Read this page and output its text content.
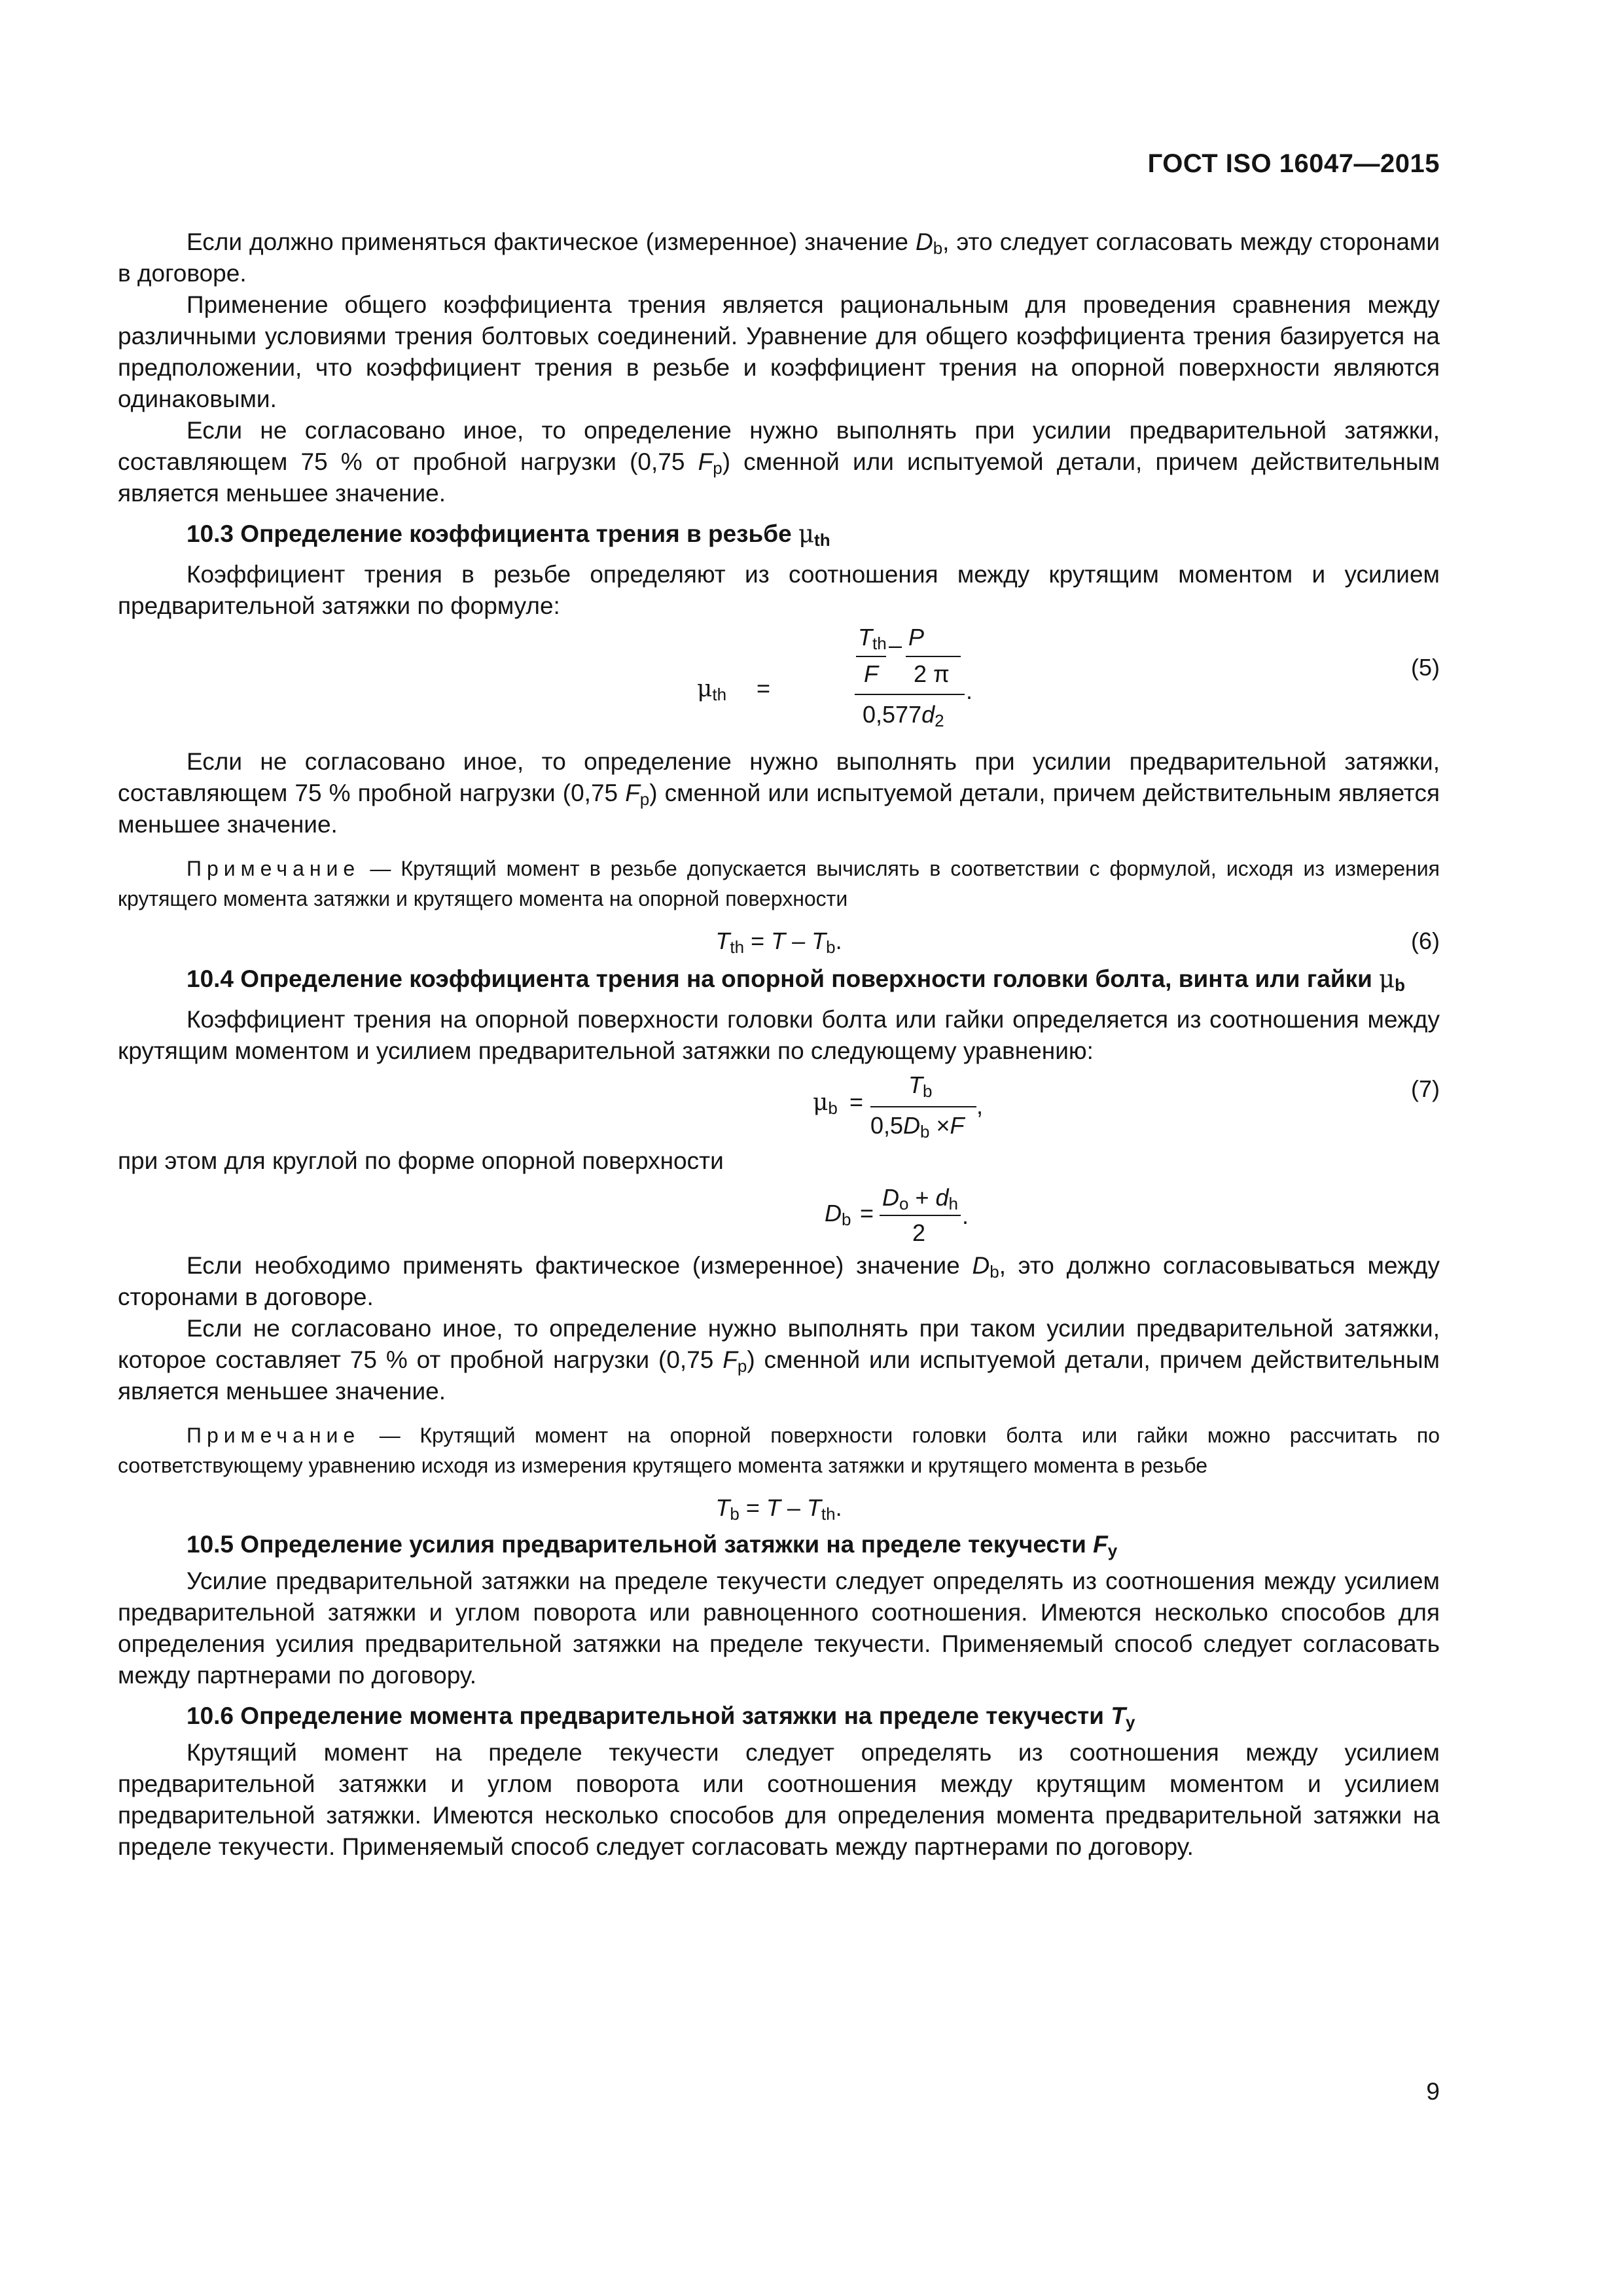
ГОСТ ISO 16047—2015

Если должно применяться фактическое (измеренное) значение $D_b$, это следует согласовать между сторонами в договоре.

Применение общего коэффициента трения является рациональным для проведения сравнения между различными условиями трения болтовых соединений. Уравнение для общего коэффициента трения базируется на предположении, что коэффициент трения в резьбе и коэффициент трения на опорной поверхности являются одинаковыми.

Если не согласовано иное, то определение нужно выполнять при усилии предварительной затяжки, составляющем 75 % от пробной нагрузки (0,75 $F_p$) сменной или испытуемой детали, причем действительным является меньшее значение.

10.3 Определение коэффициента трения в резьбе $\mu_{th}$

Коэффициент трения в резьбе определяют из соотношения между крутящим моментом и усилием предварительной затяжки по формуле:

Tth – P
F 2 π
μth =	.
0,577d2
(5)

Если не согласовано иное, то определение нужно выполнять при усилии предварительной затяжки, составляющем 75 % пробной нагрузки (0,75 $F_p$) сменной или испытуемой детали, причем действительным является меньшее значение.

Примечание — Крутящий момент в резьбе допускается вычислять в соответствии с формулой, исходя из измерения крутящего момента затяжки и крутящего момента на опорной поверхности
Tth = T – Tb.	(6)
10.4 Определение коэффициента трения на опорной поверхности головки болта, винта или гайки $\mu_b$

Коэффициент трения на опорной поверхности головки болта или гайки определяется из соотношения между крутящим моментом и усилием предварительной затяжки по следующему уравнению:

Tb
μb =
0,5Db ×F
,
(7)

при этом для круглой по форме опорной поверхности

Do + dh
Db =	.
2

Если необходимо применять фактическое (измеренное) значение $D_b$, это должно согласовываться между сторонами в договоре.

Если не согласовано иное, то определение нужно выполнять при таком усилии предварительной затяжки, которое составляет 75 % от пробной нагрузки (0,75 $F_p$) сменной или испытуемой детали, причем действительным является меньшее значение.

Примечание — Крутящий момент на опорной поверхности головки болта или гайки можно рассчитать по соответствующему уравнению исходя из измерения крутящего момента затяжки и крутящего момента в резьбе
Tb = T – Tth.
10.5 Определение усилия предварительной затяжки на пределе текучести $F_y$

Усилие предварительной затяжки на пределе текучести следует определять из соотношения между усилием предварительной затяжки и углом поворота или равноценного соотношения. Имеются несколько способов для определения усилия предварительной затяжки на пределе текучести. Применяемый способ следует согласовать между партнерами по договору.

10.6 Определение момента предварительной затяжки на пределе текучести $T_y$

Крутящий момент на пределе текучести следует определять из соотношения между усилием предварительной затяжки и углом поворота или соотношения между крутящим моментом и усилием предварительной затяжки. Имеются несколько способов для определения момента предварительной затяжки на пределе текучести. Применяемый способ следует согласовать между партнерами по договору.

9
